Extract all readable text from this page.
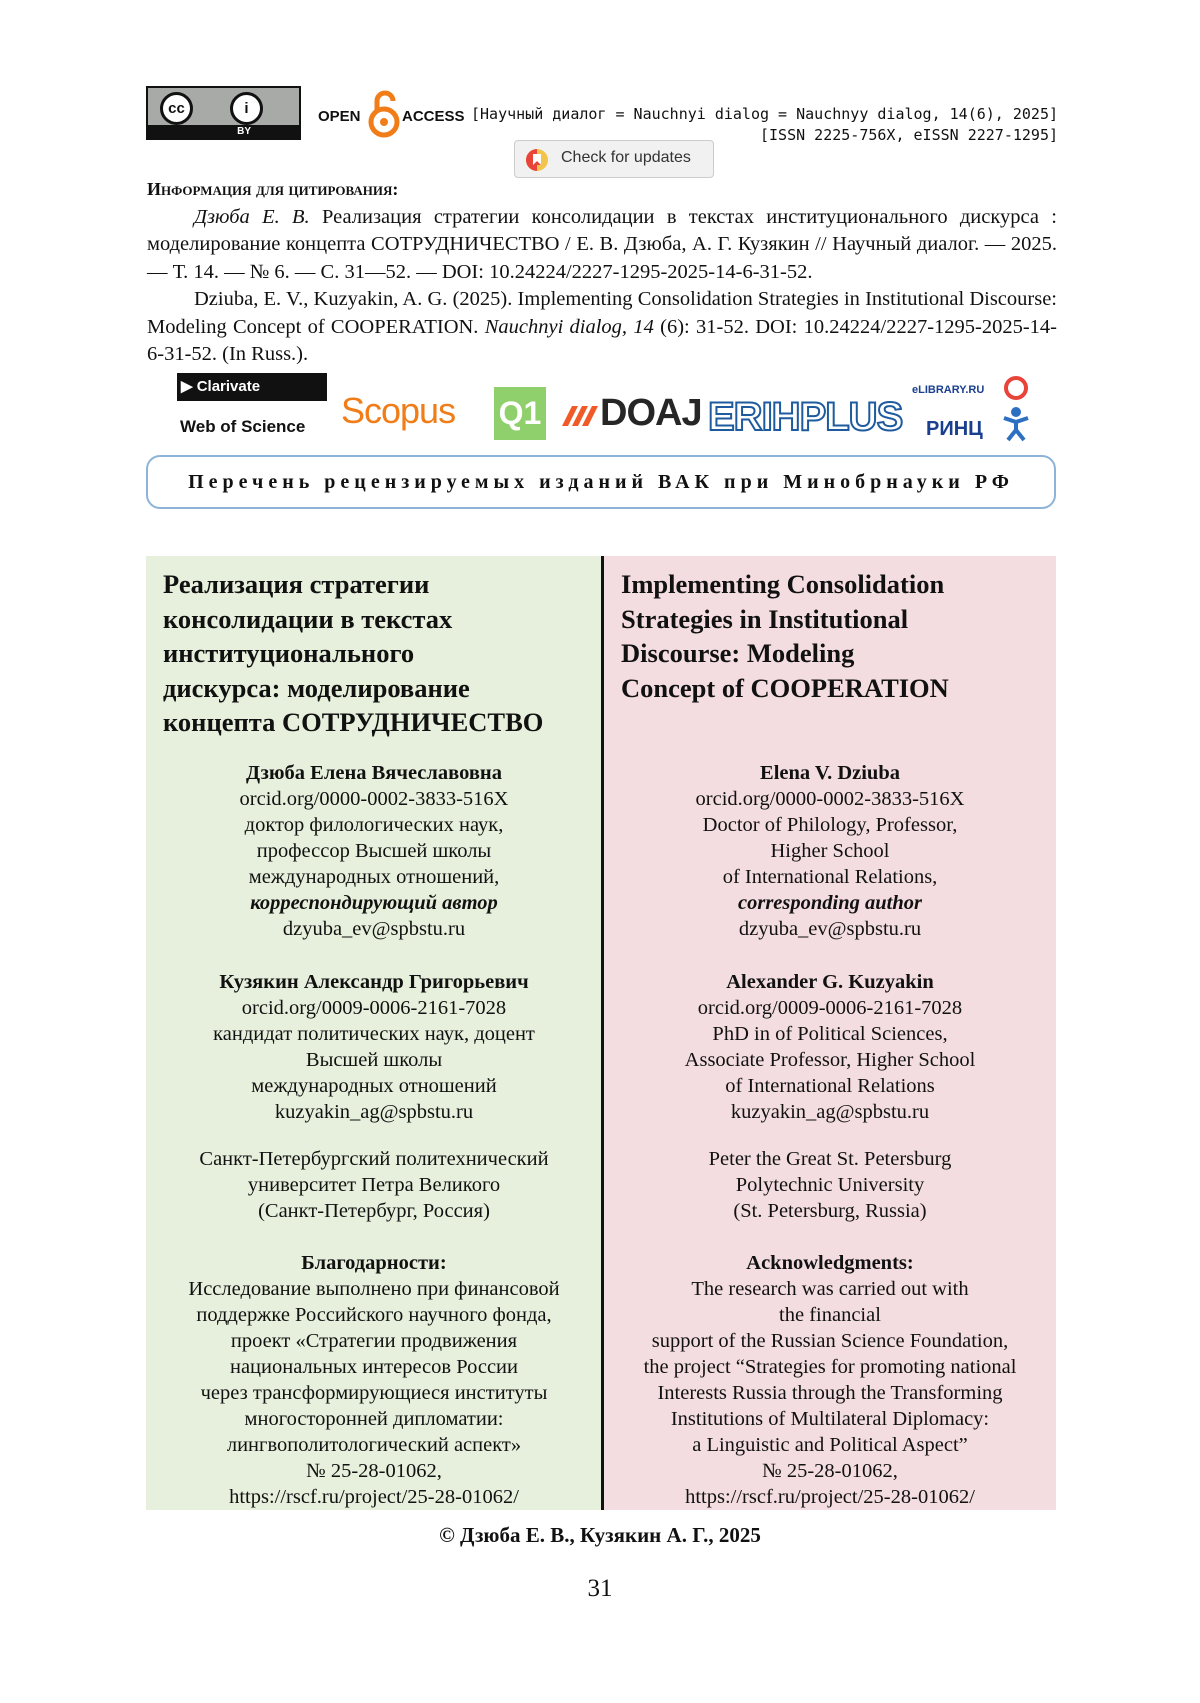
cc	i
BY
OPEN	ACCESS [Научный диалог = Nauchnyi dialog = Nauchnyy dialog, 14(6), 2025]
[ISSN 2225-756X, eISSN 2227-1295]
Check for updates

Информация для цитирования:

Дзюба Е. В. Реализация стратегии консолидации в текстах институционального дискурса : моделирование концепта СОТРУДНИЧЕСТВО / Е. В. Дзюба, А. Г. Кузякин // Научный диалог. — 2025. — Т. 14. — № 6. — С. 31—52. — DOI: 10.24224/2227-1295-2025-14-6-31-52.

Dziuba, E. V., Kuzyakin, A. G. (2025). Implementing Consolidation Strategies in Institutional Discourse: Modeling Concept of COOPERATION. Nauchnyi dialog, 14 (6): 31-52. DOI: 10.24224/2227-1295-2025-14-6-31-52. (In Russ.).

▶ Clarivate
Web of Science Scopus Q1 DOAJ ERIHPLUS
eLIBRARY.RU
РИНЦ
Перечень рецензируемых изданий ВАК при Минобрнауки РФ
Реализация стратегии
консолидации в текстах
институционального
дискурса: моделирование
концепта СОТРУДНИЧЕСТВО
Дзюба Елена Вячеславовна
orcid.org/0000-0002-3833-516X
доктор филологических наук,
профессор Высшей школы
международных отношений,
корреспондирующий автор
dzyuba_ev@spbstu.ru
Кузякин Александр Григорьевич
orcid.org/0009-0006-2161-7028
кандидат политических наук, доцент
Высшей школы
международных отношений
kuzyakin_ag@spbstu.ru
Санкт-Петербургский политехнический
университет Петра Великого
(Санкт-Петербург, Россия)
Благодарности:
Исследование выполнено при финансовой
поддержке Российского научного фонда,
проект «Стратегии продвижения
национальных интересов России
через трансформирующиеся институты
многосторонней дипломатии:
лингвополитологический аспект»
№ 25-28-01062,
https://rscf.ru/project/25-28-01062/
Implementing Consolidation
Strategies in Institutional
Discourse: Modeling
Concept of COOPERATION
Elena V. Dziuba
orcid.org/0000-0002-3833-516X
Doctor of Philology, Professor,
Higher School
of International Relations,
corresponding author
dzyuba_ev@spbstu.ru
Alexander G. Kuzyakin
orcid.org/0009-0006-2161-7028
PhD in of Political Sciences,
Associate Professor, Higher School
of International Relations
kuzyakin_ag@spbstu.ru
Peter the Great St. Petersburg
Polytechnic University
(St. Petersburg, Russia)
Acknowledgments:
The research was carried out with
the financial
support of the Russian Science Foundation,
the project “Strategies for promoting national
Interests Russia through the Transforming
Institutions of Multilateral Diplomacy:
a Linguistic and Political Aspect”
№ 25-28-01062,
https://rscf.ru/project/25-28-01062/
© Дзюба Е. В., Кузякин А. Г., 2025
31
